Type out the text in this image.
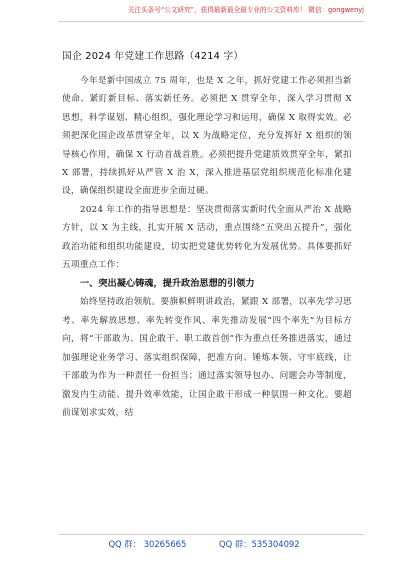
关注头条号“公文研究”，获得最新最全最专业的公文资料库！ 微信：gongwenyj
国企 2024 年党建工作思路（4214 字）

今年是新中国成立 75 周年，也是 X 之年，抓好党建工作必须担当新使命、紧盯新目标、落实新任务。必须把 X 贯穿全年，深入学习贯彻 X 思想，科学谋划、精心组织，强化理论学习和运用，确保 X 取得实效。必须把深化国企改革贯穿全年，以 X 为战略定位，充分发挥好 X 组织的领导核心作用，确保 X 行动首战首胜。必须把提升党建质效贯穿全年，紧扣 X 部署，持续抓好从严管 X 治 X，深入推进基层党组织规范化标准化建设，确保组织建设全面进步全面过硬。

2024 年工作的指导思想是：坚决贯彻落实新时代全面从严治 X 战略方针，以 X 为主线，扎实开展 X 活动，重点围绕“五突出五提升”，强化政治功能和组织功能建设，切实把党建优势转化为发展优势。具体要抓好五项重点工作：

一、突出凝心铸魂，提升政治思想的引领力

始终坚持政治领航。要旗帜鲜明讲政治，紧跟 X 部署，以率先学习思考、率先解放思想、率先转变作风、率先推动发展“四个率先”为目标方向，将“干部敢为、国企敢干、职工敢首创”作为重点任务推进落实，通过加强理论业务学习、落实组织保障，把准方向、锤炼本领、守牢底线，让干部敢为作为一种责任一份担当；通过落实领导包办、问题会办等制度，激发内生动能、提升效率效能，让国企敢干形成一种氛围一种文化。要超前谋划求实效，结

QQ 群： 30265665	QQ 群：535304092
